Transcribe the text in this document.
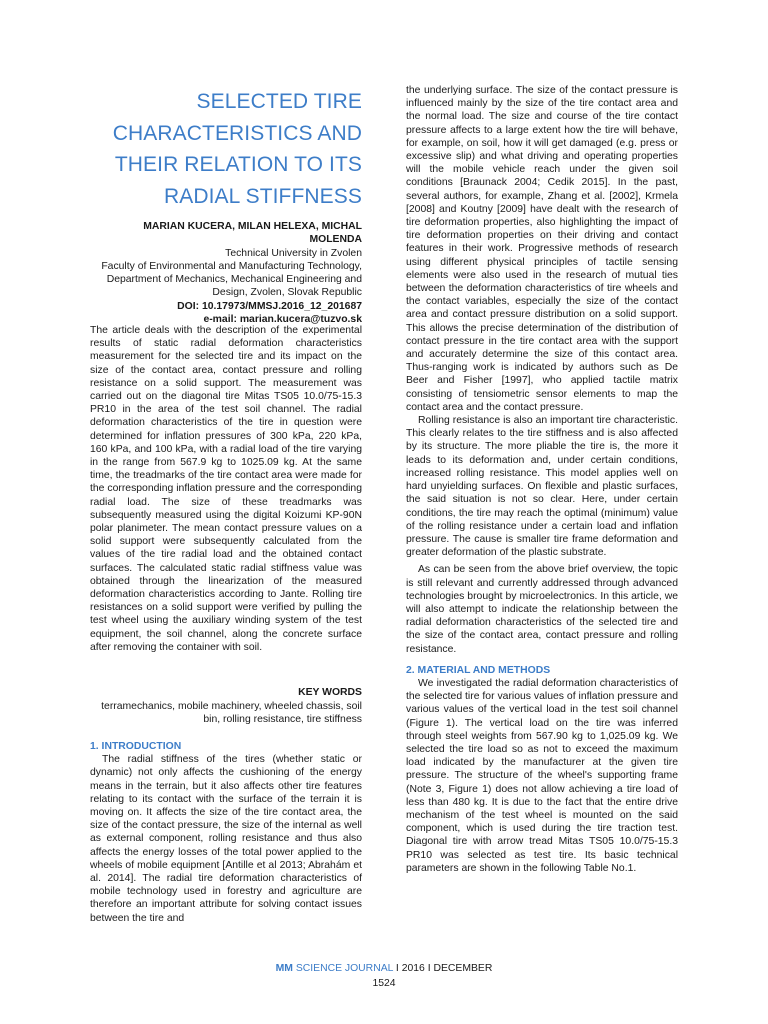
SELECTED TIRE CHARACTERISTICS AND THEIR RELATION TO ITS RADIAL STIFFNESS
MARIAN KUCERA, MILAN HELEXA, MICHAL MOLENDA
Technical University in Zvolen
Faculty of Environmental and Manufacturing Technology, Department of Mechanics, Mechanical Engineering and Design, Zvolen, Slovak Republic
DOI: 10.17973/MMSJ.2016_12_201687
e-mail: marian.kucera@tuzvo.sk

The article deals with the description of the experimental results of static radial deformation characteristics measurement for the selected tire and its impact on the size of the contact area, contact pressure and rolling resistance on a solid support. The measurement was carried out on the diagonal tire Mitas TS05 10.0/75-15.3 PR10 in the area of the test soil channel. The radial deformation characteristics of the tire in question were determined for inflation pressures of 300 kPa, 220 kPa, 160 kPa, and 100 kPa, with a radial load of the tire varying in the range from 567.9 kg to 1025.09 kg. At the same time, the treadmarks of the tire contact area were made for the corresponding inflation pressure and the corresponding radial load. The size of these treadmarks was subsequently measured using the digital Koizumi KP-90N polar planimeter. The mean contact pressure values on a solid support were subsequently calculated from the values of the tire radial load and the obtained contact surfaces. The calculated static radial stiffness value was obtained through the linearization of the measured deformation characteristics according to Jante. Rolling tire resistances on a solid support were verified by pulling the test wheel using the auxiliary winding system of the test equipment, the soil channel, along the concrete surface after removing the container with soil.

KEY WORDS
terramechanics, mobile machinery, wheeled chassis, soil bin, rolling resistance, tire stiffness
1. INTRODUCTION

The radial stiffness of the tires (whether static or dynamic) not only affects the cushioning of the energy means in the terrain, but it also affects other tire features relating to its contact with the surface of the terrain it is moving on. It affects the size of the tire contact area, the size of the contact pressure, the size of the internal as well as external component, rolling resistance and thus also affects the energy losses of the total power applied to the wheels of mobile equipment [Antille et al 2013; Abrahám et al. 2014]. The radial tire deformation characteristics of mobile technology used in forestry and agriculture are therefore an important attribute for solving contact issues between the tire and

the underlying surface. The size of the contact pressure is influenced mainly by the size of the tire contact area and the normal load. The size and course of the tire contact pressure affects to a large extent how the tire will behave, for example, on soil, how it will get damaged (e.g. press or excessive slip) and what driving and operating properties will the mobile vehicle reach under the given soil conditions [Braunack 2004; Cedik 2015]. In the past, several authors, for example, Zhang et al. [2002], Krmela [2008] and Koutny [2009] have dealt with the research of tire deformation properties, also highlighting the impact of tire deformation properties on their driving and contact features in their work. Progressive methods of research using different physical principles of tactile sensing elements were also used in the research of mutual ties between the deformation characteristics of tire wheels and the contact variables, especially the size of the contact area and contact pressure distribution on a solid support. This allows the precise determination of the distribution of contact pressure in the tire contact area with the support and accurately determine the size of this contact area. Thus-ranging work is indicated by authors such as De Beer and Fisher [1997], who applied tactile matrix consisting of tensiometric sensor elements to map the contact area and the contact pressure.

Rolling resistance is also an important tire characteristic. This clearly relates to the tire stiffness and is also affected by its structure. The more pliable the tire is, the more it leads to its deformation and, under certain conditions, increased rolling resistance. This model applies well on hard unyielding surfaces. On flexible and plastic surfaces, the said situation is not so clear. Here, under certain conditions, the tire may reach the optimal (minimum) value of the rolling resistance under a certain load and inflation pressure. The cause is smaller tire frame deformation and greater deformation of the plastic substrate.

As can be seen from the above brief overview, the topic is still relevant and currently addressed through advanced technologies brought by microelectronics. In this article, we will also attempt to indicate the relationship between the radial deformation characteristics of the selected tire and the size of the contact area, contact pressure and rolling resistance.

2. MATERIAL AND METHODS

We investigated the radial deformation characteristics of the selected tire for various values of inflation pressure and various values of the vertical load in the test soil channel (Figure 1). The vertical load on the tire was inferred through steel weights from 567.90 kg to 1,025.09 kg. We selected the tire load so as not to exceed the maximum load indicated by the manufacturer at the given tire pressure. The structure of the wheel's supporting frame (Note 3, Figure 1) does not allow achieving a tire load of less than 480 kg. It is due to the fact that the entire drive mechanism of the test wheel is mounted on the said component, which is used during the tire traction test. Diagonal tire with arrow tread Mitas TS05 10.0/75-15.3 PR10 was selected as test tire. Its basic technical parameters are shown in the following Table No.1.

MM SCIENCE JOURNAL I 2016 I DECEMBER
1524
